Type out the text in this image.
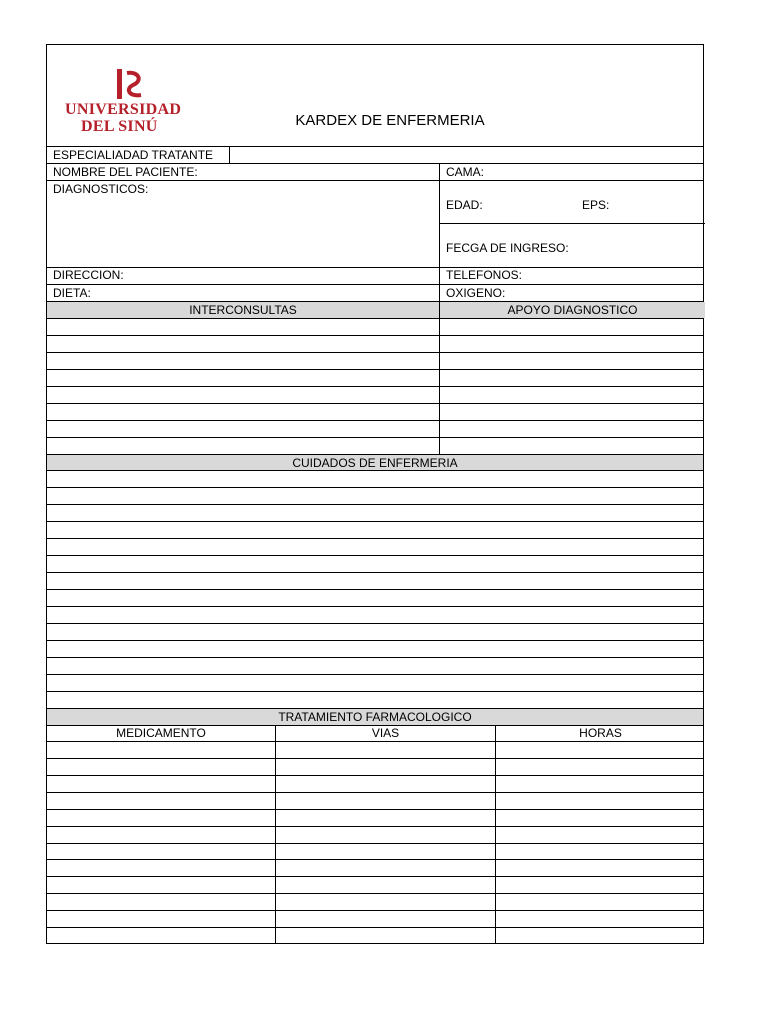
UNIVERSIDAD
DEL SINÚ	KARDEX DE ENFERMERIA
ESPECIALIADAD TRATANTE
NOMBRE DEL PACIENTE:	CAMA:
DIAGNOSTICOS:
EDAD:	EPS:
FECGA DE INGRESO:
DIRECCION:	TELEFONOS:
DIETA:	OXIGENO:
INTERCONSULTAS	APOYO DIAGNOSTICO
CUIDADOS DE ENFERMERIA
TRATAMIENTO FARMACOLOGICO
MEDICAMENTO	VIAS	HORAS
